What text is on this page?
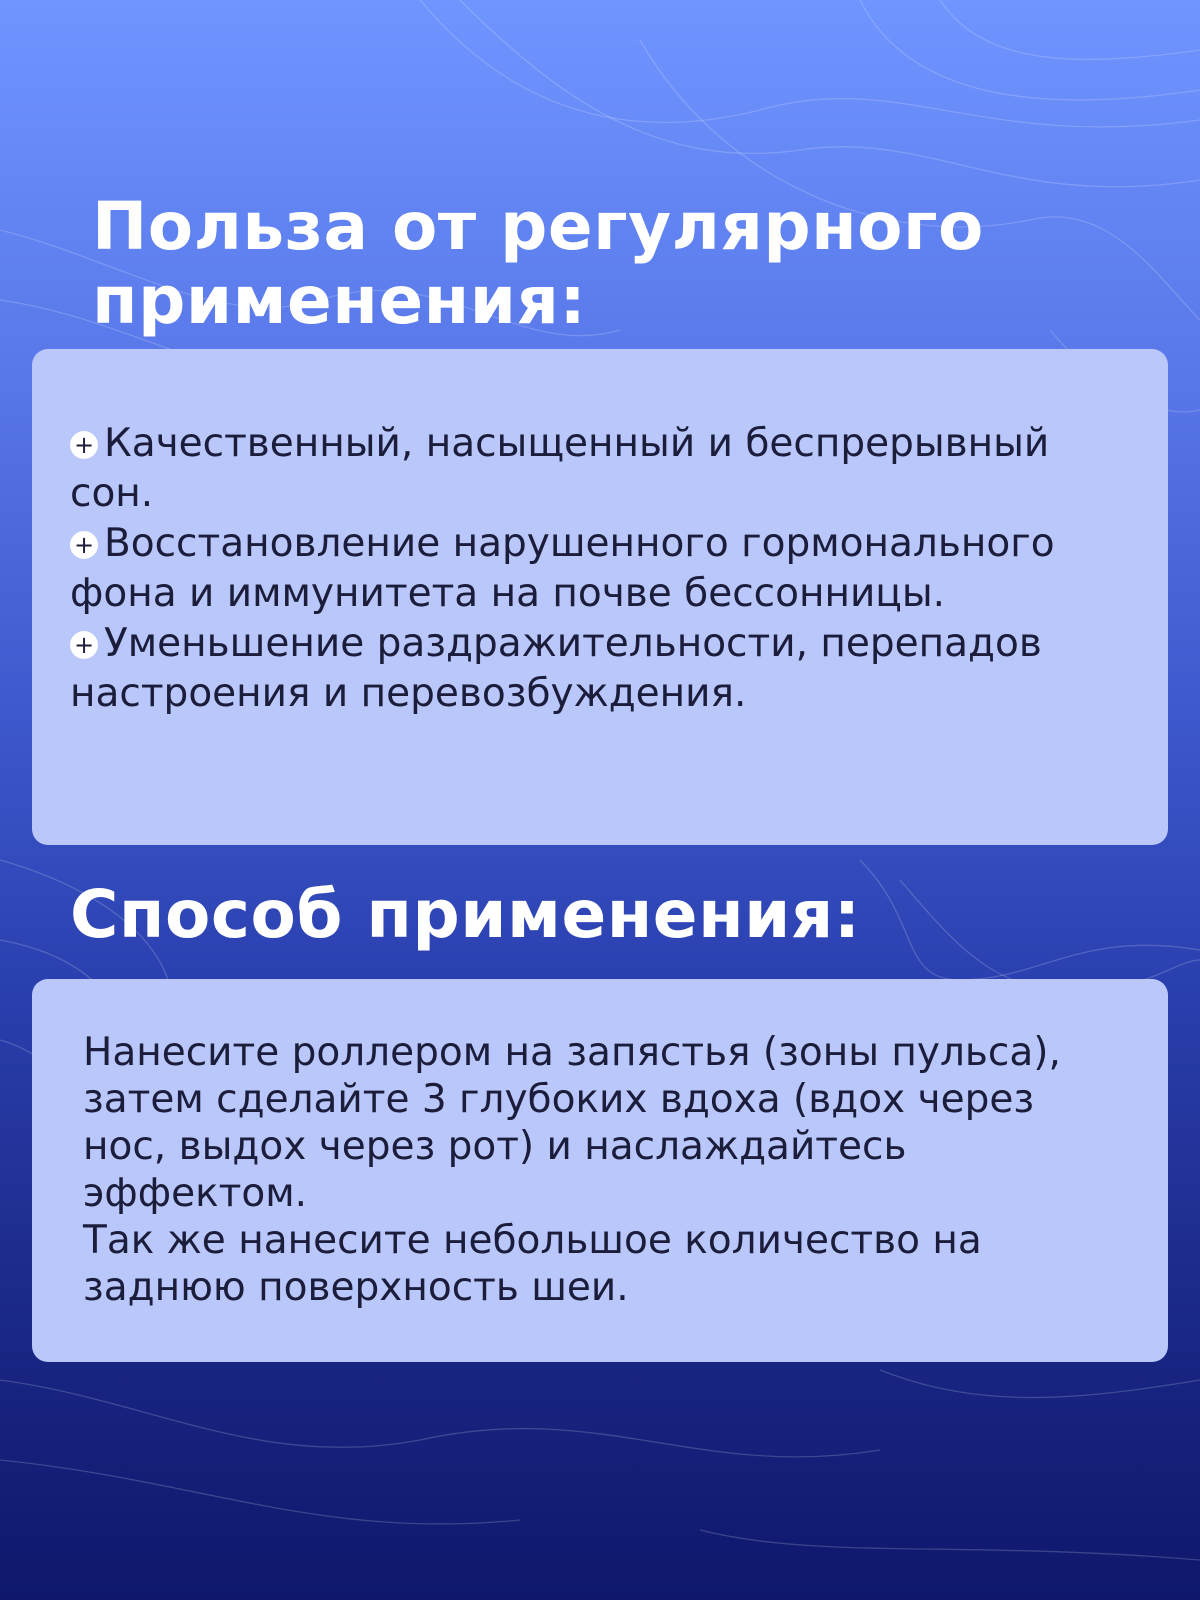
Польза от регулярного применения:

+ Качественный, насыщенный и беспрерывный сон.

+ Восстановление нарушенного гормонального фона и иммунитета на почве бессонницы.

+ Уменьшение раздражительности, перепадов настроения и перевозбуждения.

Способ применения:

Нанесите роллером на запястья (зоны пульса), затем сделайте 3 глубоких вдоха (вдох через нос, выдох через рот) и наслаждайтесь эффектом.

Так же нанесите небольшое количество на заднюю поверхность шеи.
